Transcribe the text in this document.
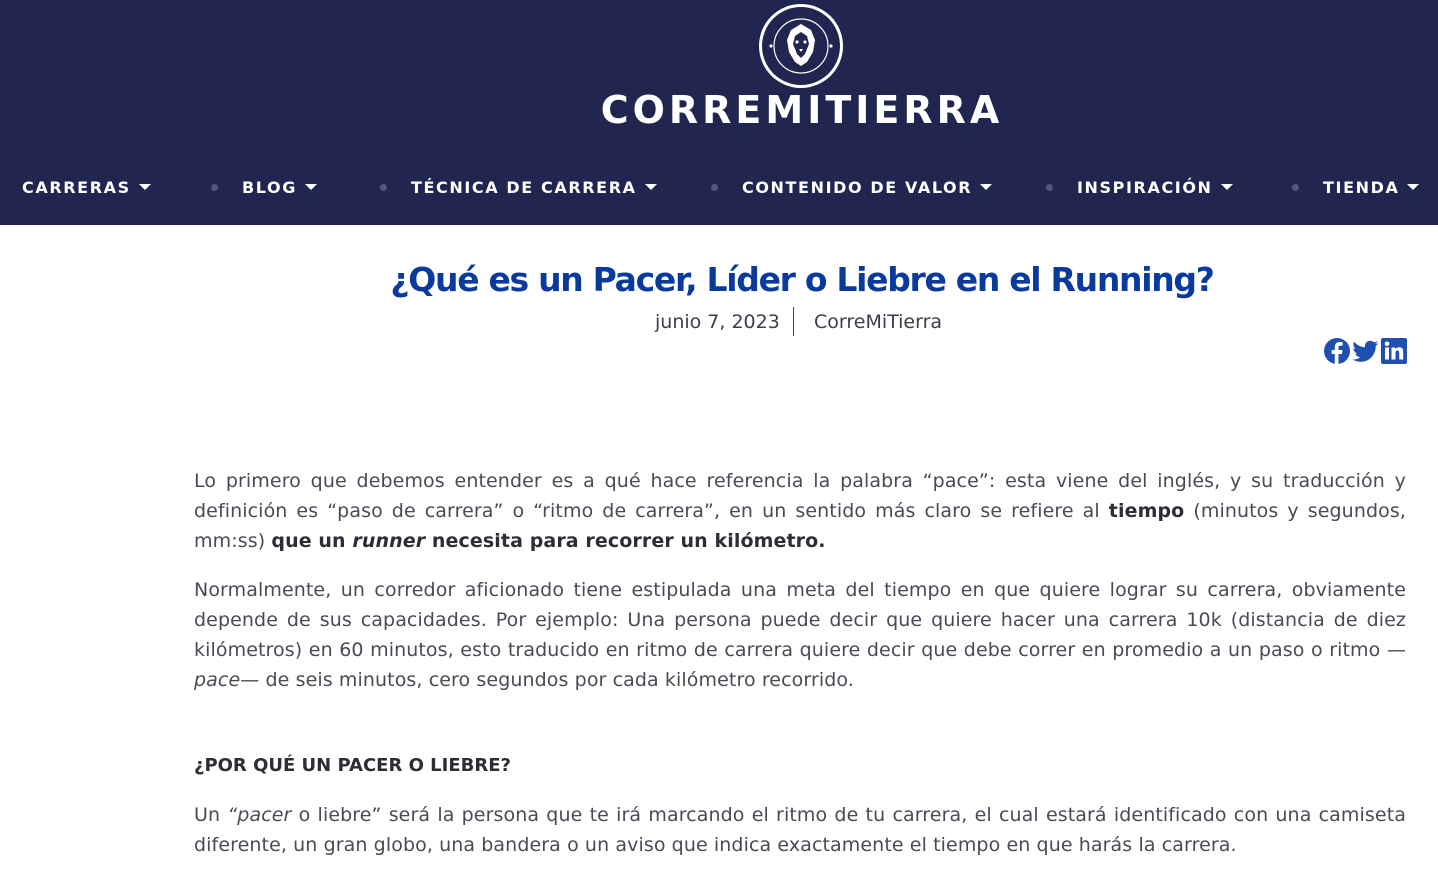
CORREMITIERRA
CARRERAS	BLOG	TÉCNICA DE CARRERA	CONTENIDO DE VALOR	INSPIRACIÓN	TIENDA
¿Qué es un Pacer, Líder o Liebre en el Running?
junio 7, 2023 CorreMiTierra

Lo primero que debemos entender es a qué hace referencia la palabra “pace”: esta viene del inglés, y su traducción y definición es “paso de carrera” o “ritmo de carrera”, en un sentido más claro se refiere al tiempo (minutos y segundos, mm:ss) que un runner necesita para recorrer un kilómetro.

Normalmente, un corredor aficionado tiene estipulada una meta del tiempo en que quiere lograr su carrera, obviamente depende de sus capacidades. Por ejemplo: Una persona puede decir que quiere hacer una carrera 10k (distancia de diez kilómetros) en 60 minutos, esto traducido en ritmo de carrera quiere decir que debe correr en promedio a un paso o ritmo —pace— de seis minutos, cero segundos por cada kilómetro recorrido.

¿POR QUÉ UN PACER O LIEBRE?

Un “pacer o liebre” será la persona que te irá marcando el ritmo de tu carrera, el cual estará identificado con una camiseta diferente, un gran globo, una bandera o un aviso que indica exactamente el tiempo en que harás la carrera.
